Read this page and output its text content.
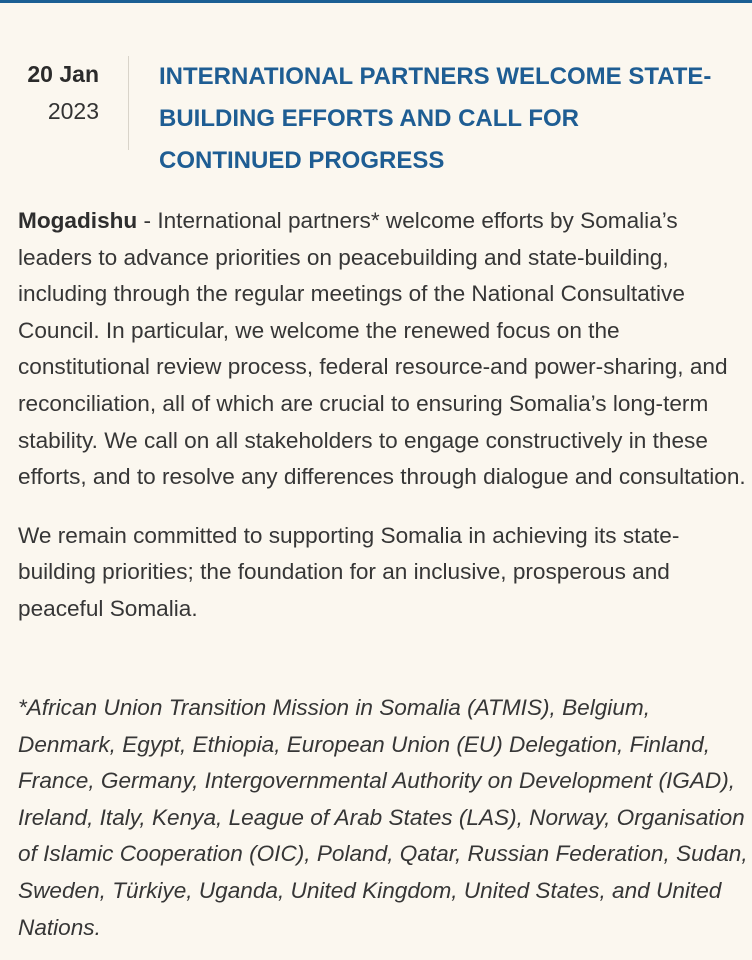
20 Jan
2023
INTERNATIONAL PARTNERS WELCOME STATE-
BUILDING EFFORTS AND CALL FOR
CONTINUED PROGRESS

Mogadishu - International partners* welcome efforts by Somalia’s leaders to advance priorities on peacebuilding and state-building, including through the regular meetings of the National Consultative Council. In particular, we welcome the renewed focus on the constitutional review process, federal resource-and power-sharing, and reconciliation, all of which are crucial to ensuring Somalia’s long-term stability. We call on all stakeholders to engage constructively in these efforts, and to resolve any differences through dialogue and consultation.

We remain committed to supporting Somalia in achieving its state-building priorities; the foundation for an inclusive, prosperous and peaceful Somalia.

*African Union Transition Mission in Somalia (ATMIS), Belgium, Denmark, Egypt, Ethiopia, European Union (EU) Delegation, Finland, France, Germany, Intergovernmental Authority on Development (IGAD), Ireland, Italy, Kenya, League of Arab States (LAS), Norway, Organisation of Islamic Cooperation (OIC), Poland, Qatar, Russian Federation, Sudan, Sweden, Türkiye, Uganda, United Kingdom, United States, and United Nations.
